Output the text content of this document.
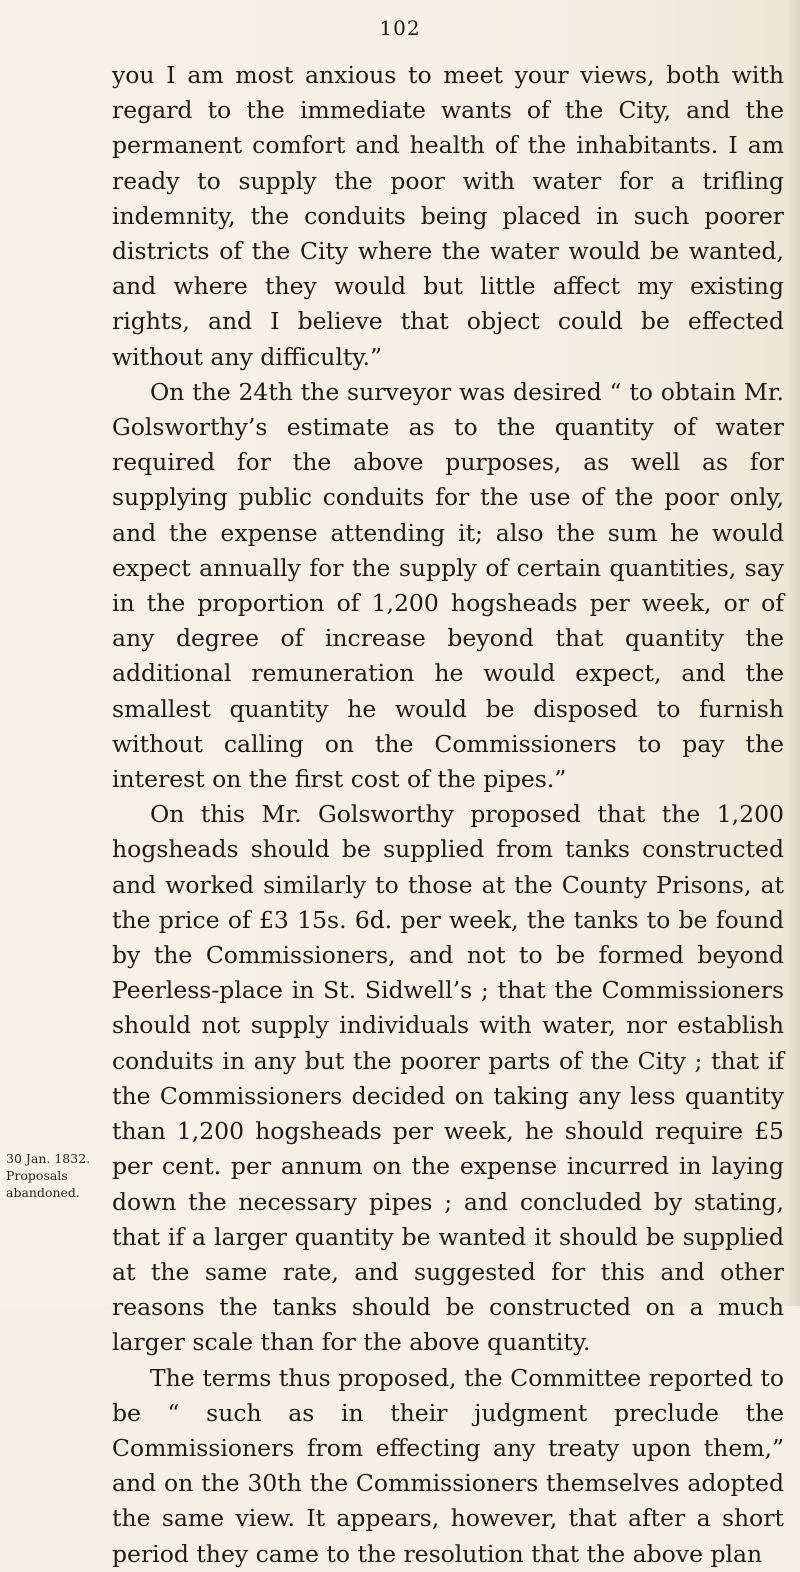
102

you I am most anxious to meet your views, both with regard to the immediate wants of the City, and the permanent comfort and health of the inhabitants. I am ready to supply the poor with water for a trifling indemnity, the conduits being placed in such poorer districts of the City where the water would be wanted, and where they would but little affect my existing rights, and I believe that object could be effected without any difficulty.”

On the 24th the surveyor was desired “ to obtain Mr. Golsworthy’s estimate as to the quantity of water required for the above purposes, as well as for supplying public conduits for the use of the poor only, and the expense attending it; also the sum he would expect annually for the supply of certain quantities, say in the proportion of 1,200 hogsheads per week, or of any degree of increase beyond that quantity the additional remuneration he would expect, and the smallest quantity he would be disposed to furnish without calling on the Commissioners to pay the interest on the first cost of the pipes.”

On this Mr. Golsworthy proposed that the 1,200 hogsheads should be supplied from tanks constructed and worked similarly to those at the County Prisons, at the price of £3 15s. 6d. per week, the tanks to be found by the Commissioners, and not to be formed beyond Peerless-place in St. Sidwell’s ; that the Commissioners should not supply individuals with water, nor establish conduits in any but the poorer parts of the City ; that if the Commissioners decided on taking any less quantity than 1,200 hogsheads per week, he should require £5 per cent. per annum on the expense incurred in laying down the necessary pipes ; and concluded by stating, that if a larger quantity be wanted it should be supplied at the same rate, and suggested for this and other reasons the tanks should be constructed on a much larger scale than for the above quantity.

The terms thus proposed, the Committee reported to be “ such as in their judgment preclude the Commissioners from effecting any treaty upon them,” and on the 30th the Commissioners themselves adopted the same view. It appears, however, that after a short period they came to the resolution that the above plan

30 Jan. 1832.
Proposals
abandoned.
